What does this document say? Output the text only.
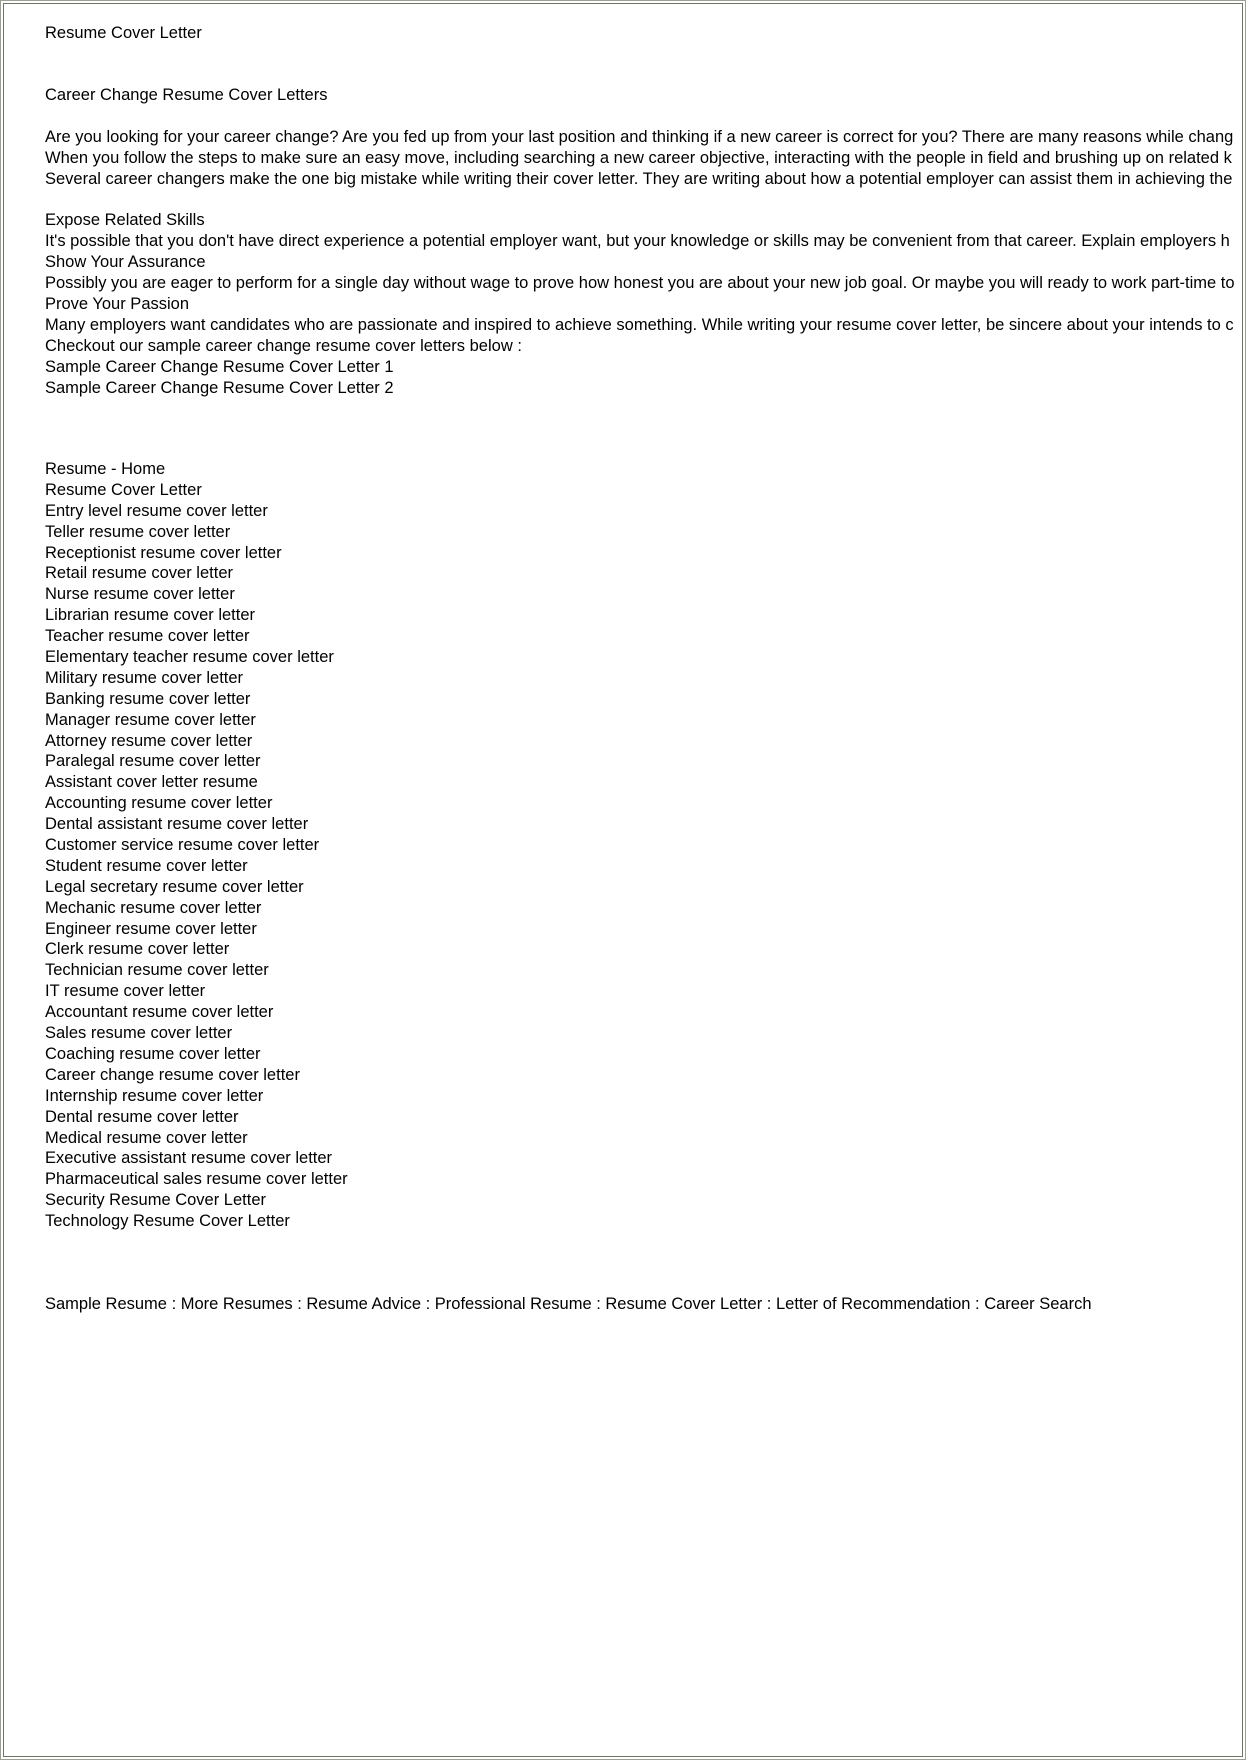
Resume Cover Letter
Career Change Resume Cover Letters
Are you looking for your career change? Are you fed up from your last position and thinking if a new career is correct for you? There are many reasons while chang
When you follow the steps to make sure an easy move, including searching a new career objective, interacting with the people in field and brushing up on related k
Several career changers make the one big mistake while writing their cover letter. They are writing about how a potential employer can assist them in achieving the
Expose Related Skills
It's possible that you don't have direct experience a potential employer want, but your knowledge or skills may be convenient from that career. Explain employers h
Show Your Assurance
Possibly you are eager to perform for a single day without wage to prove how honest you are about your new job goal. Or maybe you will ready to work part-time to
Prove Your Passion
Many employers want candidates who are passionate and inspired to achieve something. While writing your resume cover letter, be sincere about your intends to c
Checkout our sample career change resume cover letters below :
Sample Career Change Resume Cover Letter 1
Sample Career Change Resume Cover Letter 2
Resume - Home
Resume Cover Letter
Entry level resume cover letter
Teller resume cover letter
Receptionist resume cover letter
Retail resume cover letter
Nurse resume cover letter
Librarian resume cover letter
Teacher resume cover letter
Elementary teacher resume cover letter
Military resume cover letter
Banking resume cover letter
Manager resume cover letter
Attorney resume cover letter
Paralegal resume cover letter
Assistant cover letter resume
Accounting resume cover letter
Dental assistant resume cover letter
Customer service resume cover letter
Student resume cover letter
Legal secretary resume cover letter
Mechanic resume cover letter
Engineer resume cover letter
Clerk resume cover letter
Technician resume cover letter
IT resume cover letter
Accountant resume cover letter
Sales resume cover letter
Coaching resume cover letter
Career change resume cover letter
Internship resume cover letter
Dental resume cover letter
Medical resume cover letter
Executive assistant resume cover letter
Pharmaceutical sales resume cover letter
Security Resume Cover Letter
Technology Resume Cover Letter
Sample Resume : More Resumes : Resume Advice : Professional Resume : Resume Cover Letter : Letter of Recommendation : Career Search
